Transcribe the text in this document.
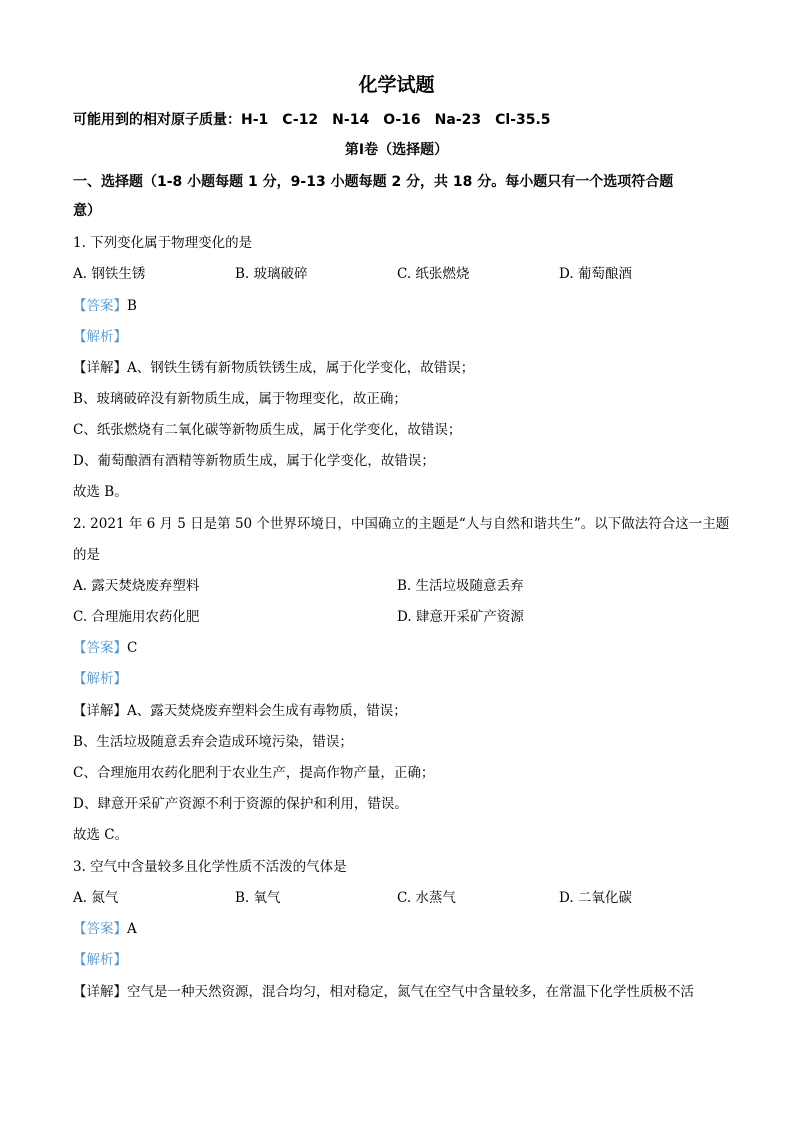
化学试题
可能用到的相对原子质量：H-1 C-12 N-14 O-16 Na-23 Cl-35.5
第Ⅰ卷（选择题）
一、选择题（1-8 小题每题 1 分，9-13 小题每题 2 分，共 18 分。每小题只有一个选项符合题
意）
1. 下列变化属于物理变化的是
A. 钢铁生锈	B. 玻璃破碎	C. 纸张燃烧	D. 葡萄酿酒
【答案】B
【解析】
【详解】A、钢铁生锈有新物质铁锈生成，属于化学变化，故错误；
B、玻璃破碎没有新物质生成，属于物理变化，故正确；
C、纸张燃烧有二氧化碳等新物质生成，属于化学变化，故错误；
D、葡萄酿酒有酒精等新物质生成，属于化学变化，故错误；
故选 B。
2. 2021 年 6 月 5 日是第 50 个世界环境日，中国确立的主题是“人与自然和谐共生”。以下做法符合这一主题
的是
A. 露天焚烧废弃塑料	B. 生活垃圾随意丢弃
C. 合理施用农药化肥	D. 肆意开采矿产资源
【答案】C
【解析】
【详解】A、露天焚烧废弃塑料会生成有毒物质，错误；
B、生活垃圾随意丢弃会造成环境污染，错误；
C、合理施用农药化肥利于农业生产，提高作物产量，正确；
D、肆意开采矿产资源不利于资源的保护和利用，错误。
故选 C。
3. 空气中含量较多且化学性质不活泼的气体是
A. 氮气	B. 氧气	C. 水蒸气	D. 二氧化碳
【答案】A
【解析】
【详解】空气是一种天然资源，混合均匀，相对稳定，氮气在空气中含量较多，在常温下化学性质极不活
